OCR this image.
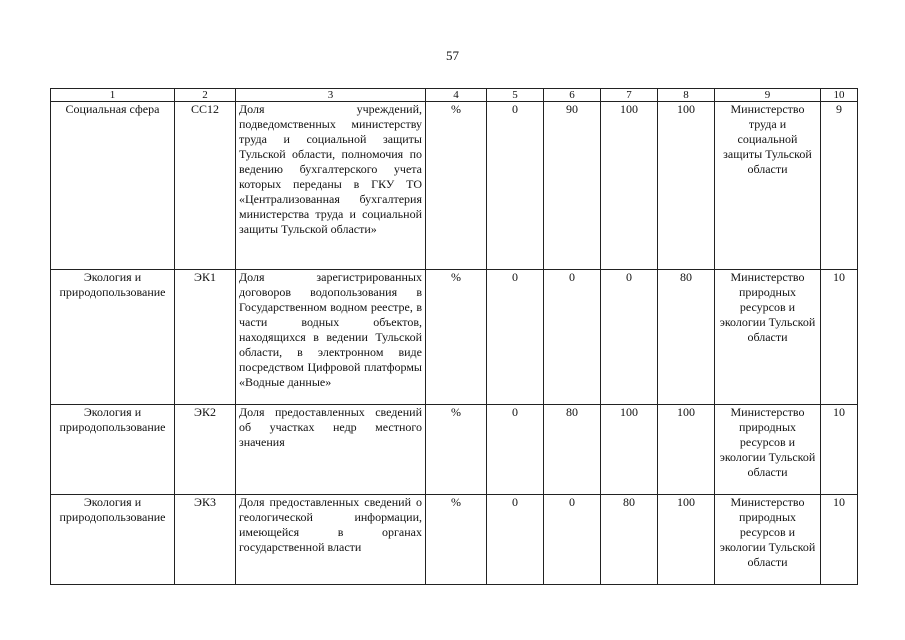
57
1	2	3	4	5	6	7	8	9	10
Социальная сфера	СС12	Доля учреждений, подведомственных министерству труда и социальной защиты Тульской области, полномочия по ведению бухгалтерского учета которых переданы в ГКУ ТО «Централизованная бухгалтерия министерства труда и социальной защиты Тульской области»	%	0	90	100	100	Министерство труда и социальной защиты Тульской области	9
Экология и природопользование	ЭК1	Доля зарегистрированных договоров водопользования в Государственном водном реестре, в части водных объектов, находящихся в ведении Тульской области, в электронном виде посредством Цифровой платформы «Водные данные»	%	0	0	0	80	Министерство природных ресурсов и экологии Тульской области	10
Экология и природопользование	ЭК2	Доля предоставленных сведений об участках недр местного значения	%	0	80	100	100	Министерство природных ресурсов и экологии Тульской области	10
Экология и природопользование	ЭК3	Доля предоставленных сведений о геологической информации, имеющейся в органах государственной власти	%	0	0	80	100	Министерство природных ресурсов и экологии Тульской области	10
